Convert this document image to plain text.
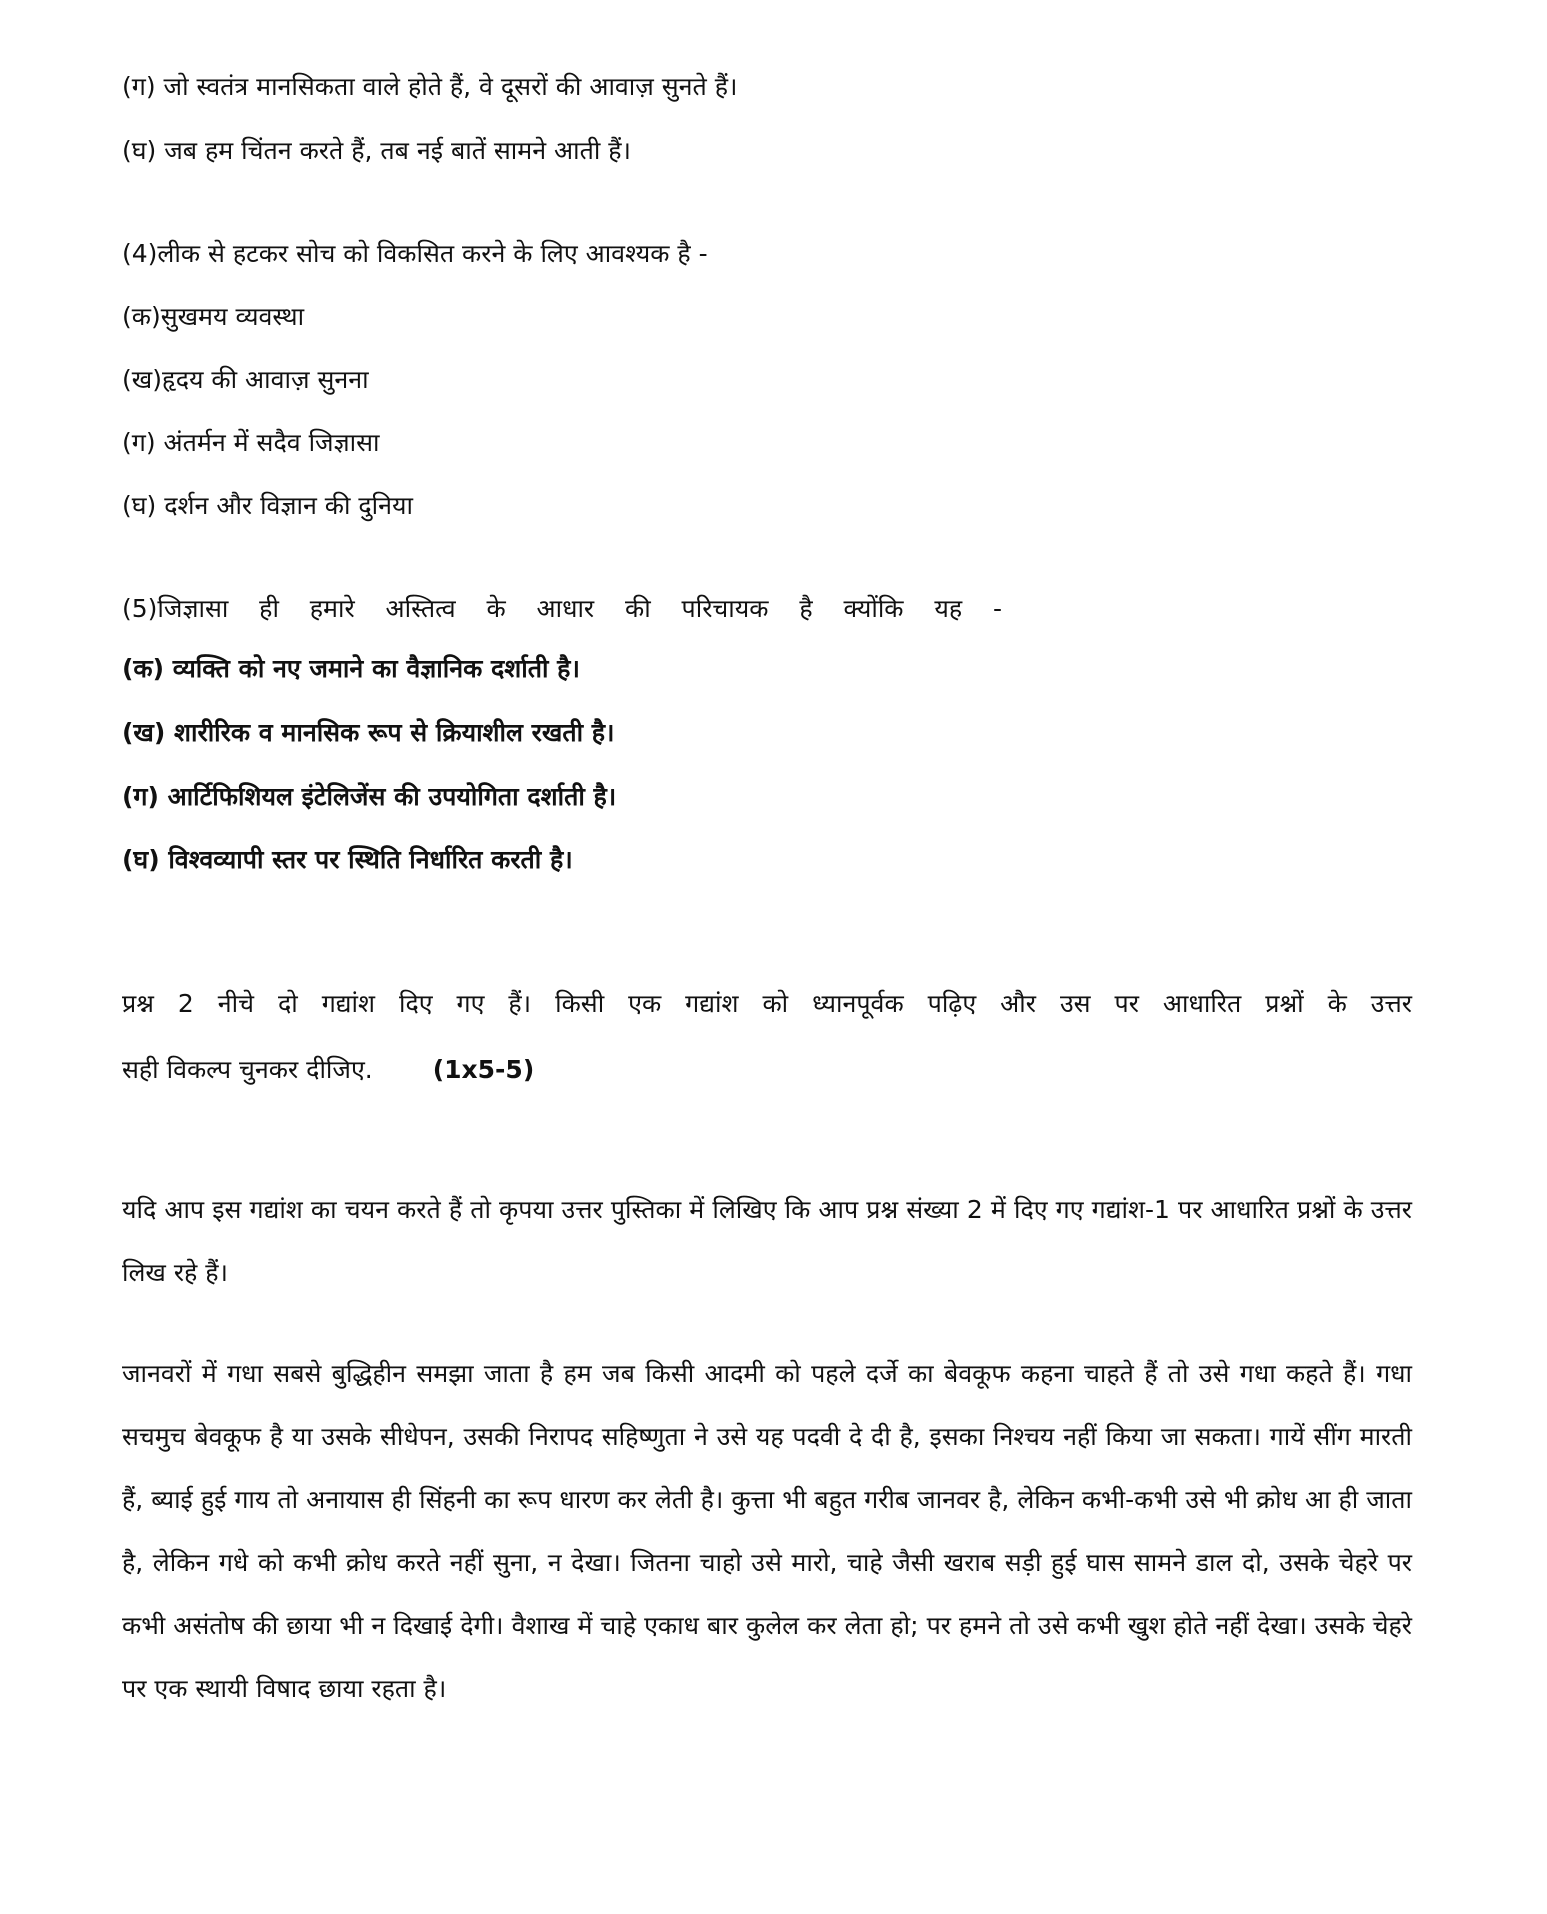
(ग) जो स्वतंत्र मानसिकता वाले होते हैं, वे दूसरों की आवाज़ सुनते हैं।
(घ) जब हम चिंतन करते हैं, तब नई बातें सामने आती हैं।
(4)लीक से हटकर सोच को विकसित करने के लिए आवश्यक है -
(क)सुखमय व्यवस्था
(ख)हृदय की आवाज़ सुनना
(ग) अंतर्मन में सदैव जिज्ञासा
(घ) दर्शन और विज्ञान की दुनिया
(5)जिज्ञासा ही हमारे अस्तित्व के आधार की परिचायक है क्योंकि यह -
(क) व्यक्ति को नए जमाने का वैज्ञानिक दर्शाती है।
(ख) शारीरिक व मानसिक रूप से क्रियाशील रखती है।
(ग) आर्टिफिशियल इंटेलिजेंस की उपयोगिता दर्शाती है।
(घ) विश्वव्यापी स्तर पर स्थिति निर्धारित करती है।
प्रश्न 2 नीचे दो गद्यांश दिए गए हैं। किसी एक गद्यांश को ध्यानपूर्वक पढ़िए और उस पर आधारित प्रश्नों के उत्तर
सही विकल्प चुनकर दीजिए. (1x5-5)
यदि आप इस गद्यांश का चयन करते हैं तो कृपया उत्तर पुस्तिका में लिखिए कि आप प्रश्न संख्या 2 में दिए गए गद्यांश-1 पर आधारित प्रश्नों के उत्तर लिख रहे हैं।
जानवरों में गधा सबसे बुद्धिहीन समझा जाता है हम जब किसी आदमी को पहले दर्जे का बेवकूफ कहना चाहते हैं तो उसे गधा कहते हैं। गधा सचमुच बेवकूफ है या उसके सीधेपन, उसकी निरापद सहिष्णुता ने उसे यह पदवी दे दी है, इसका निश्चय नहीं किया जा सकता। गायें सींग मारती हैं, ब्याई हुई गाय तो अनायास ही सिंहनी का रूप धारण कर लेती है। कुत्ता भी बहुत गरीब जानवर है, लेकिन कभी-कभी उसे भी क्रोध आ ही जाता है, लेकिन गधे को कभी क्रोध करते नहीं सुना, न देखा। जितना चाहो उसे मारो, चाहे जैसी खराब सड़ी हुई घास सामने डाल दो, उसके चेहरे पर कभी असंतोष की छाया भी न दिखाई देगी। वैशाख में चाहे एकाध बार कुलेल कर लेता हो; पर हमने तो उसे कभी खुश होते नहीं देखा। उसके चेहरे पर एक स्थायी विषाद छाया रहता है।
